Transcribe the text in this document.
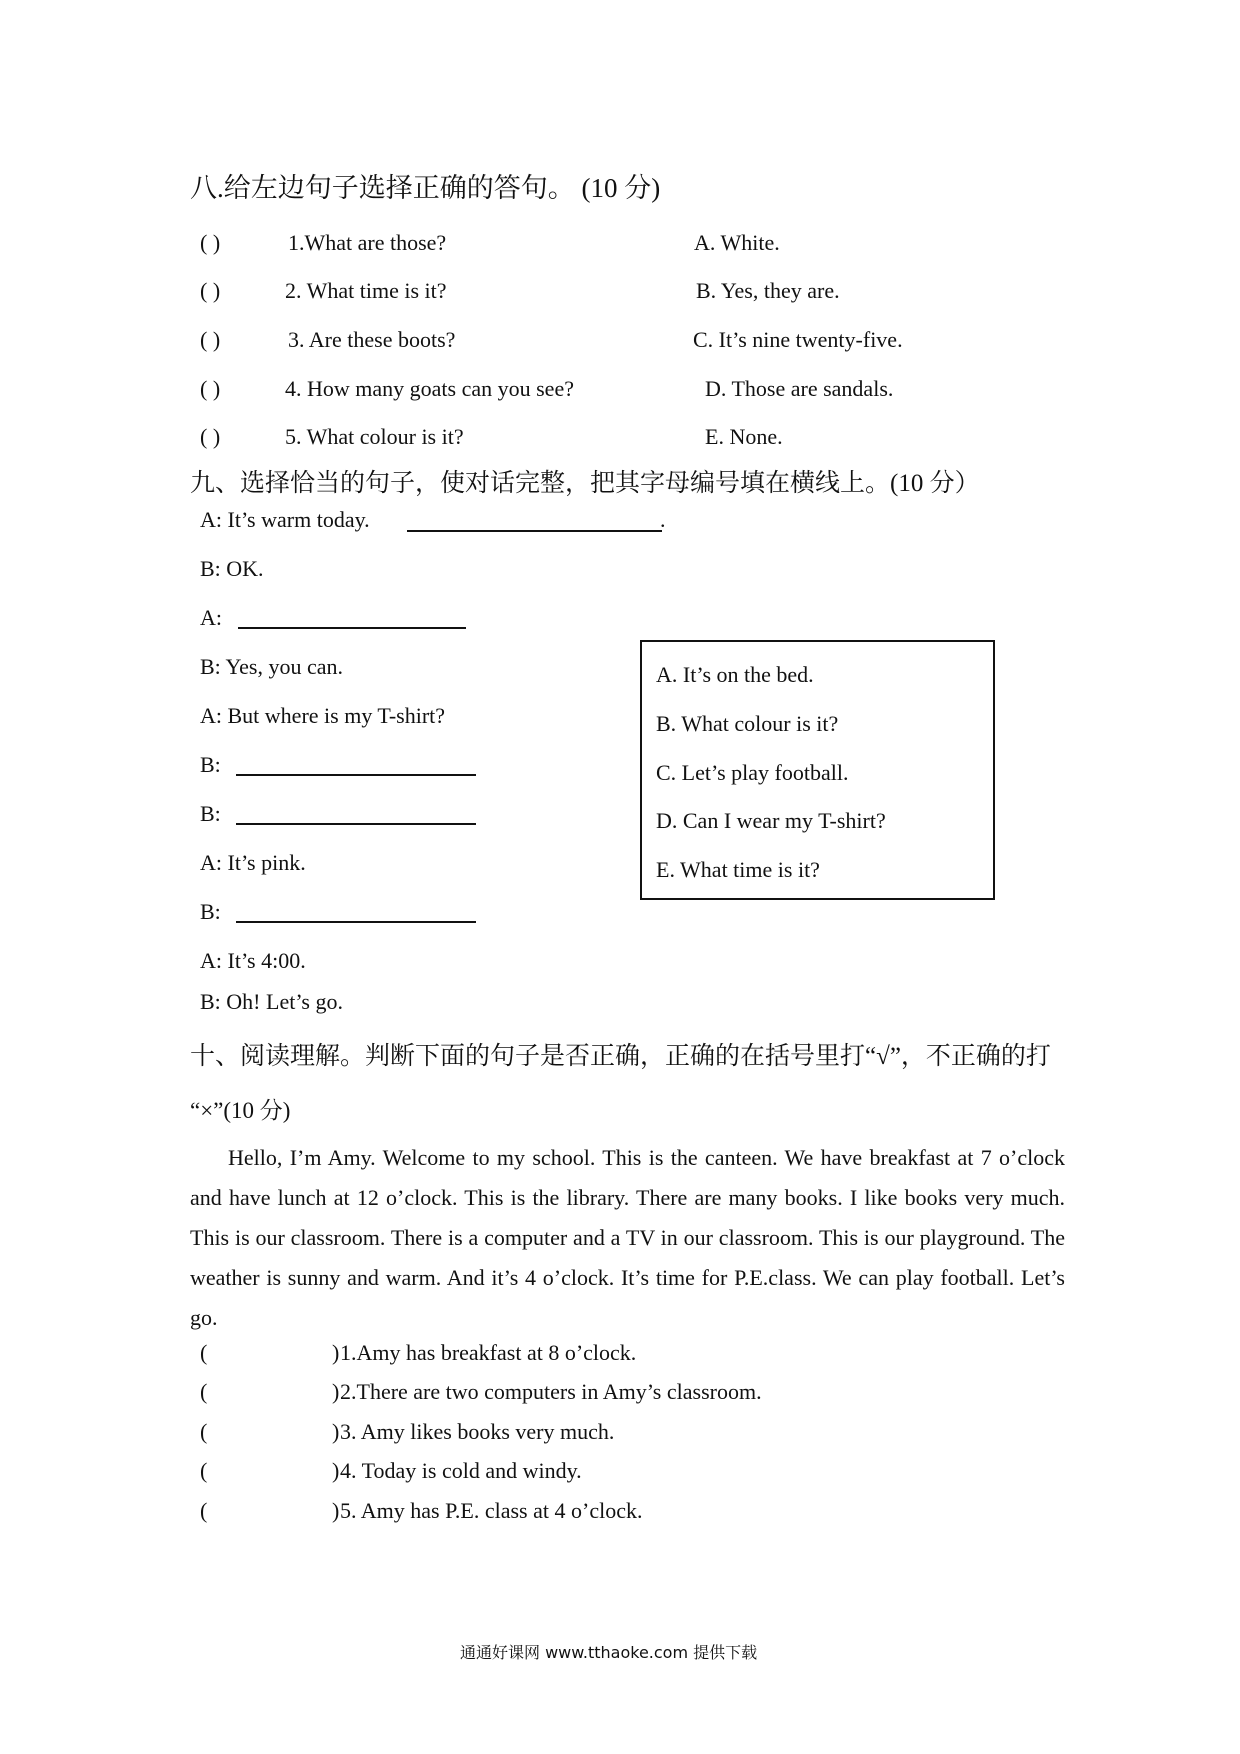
八.给左边句子选择正确的答句。 (10 分)
( )	1.What are those?	A. White.
( )	2. What time is it?	B. Yes, they are.
( )	3. Are these boots?	C. It’s nine twenty-five.
( )	4. How many goats can you see?	D. Those are sandals.
( )	5. What colour is it?	E. None.
九、选择恰当的句子，使对话完整，把其字母编号填在横线上。(10 分）
A: It’s warm today.	.
B: OK.
A:
B: Yes, you can.
A: But where is my T-shirt?
B:
B:
A: It’s pink.
B:
A: It’s 4:00.
B: Oh! Let’s go.
A. It’s on the bed.
B. What colour is it?
C. Let’s play football.
D. Can I wear my T-shirt?
E. What time is it?
十、阅读理解。判断下面的句子是否正确，正确的在括号里打“√”，不正确的打
“×”(10 分)
Hello, I’m Amy. Welcome to my school. This is the canteen. We have breakfast at 7 o’clock and have lunch at 12 o’clock. This is the library. There are many books. I like books very much. This is our classroom. There is a computer and a TV in our classroom. This is our playground. The weather is sunny and warm. And it’s 4 o’clock. It’s time for P.E.class. We can play football. Let’s go.
(	) 1.Amy has breakfast at 8 o’clock.
(	) 2.There are two computers in Amy’s classroom.
(	) 3. Amy likes books very much.
(	) 4. Today is cold and windy.
(	) 5. Amy has P.E. class at 4 o’clock.
通通好课网 www.tthaoke.com 提供下载
